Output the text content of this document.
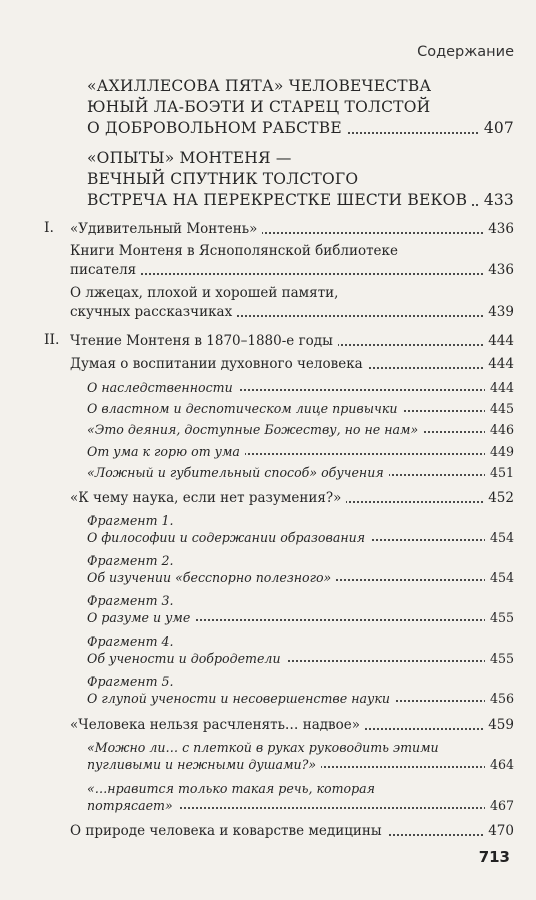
Содержание
«АХИЛЛЕСОВА ПЯТА» ЧЕЛОВЕЧЕСТВА
ЮНЫЙ ЛА-БОЭТИ И СТАРЕЦ ТОЛСТОЙ
О ДОБРОВОЛЬНОМ РАБСТВЕ	407
«ОПЫТЫ» МОНТЕНЯ —
ВЕЧНЫЙ СПУТНИК ТОЛСТОГО
ВСТРЕЧА НА ПЕРЕКРЕСТКЕ ШЕСТИ ВЕКОВ	433
I. «Удивительный Монтень»	436
Книги Монтеня в Яснополянской библиотеке
писателя	436
О лжецах, плохой и хорошей памяти,
скучных рассказчиках	439
II. Чтение Монтеня в 1870–1880-е годы	444
Думая о воспитании духовного человека	444
О наследственности	444
О властном и деспотическом лице привычки	445
«Это деяния, доступные Божеству, но не нам»	446
От ума к горю от ума	449
«Ложный и губительный способ» обучения	451
«К чему наука, если нет разумения?»	452
Фрагмент 1.
О философии и содержании образования	454
Фрагмент 2.
Об изучении «бесспорно полезного»	454
Фрагмент 3.
О разуме и уме	455
Фрагмент 4.
Об учености и добродетели	455
Фрагмент 5.
О глупой учености и несовершенстве науки	456
«Человека нельзя расчленять… надвое»	459
«Можно ли… с плеткой в руках руководить этими
пугливыми и нежными душами?»	464
«…нравится только такая речь, которая
потрясает»	467
О природе человека и коварстве медицины	470
713
